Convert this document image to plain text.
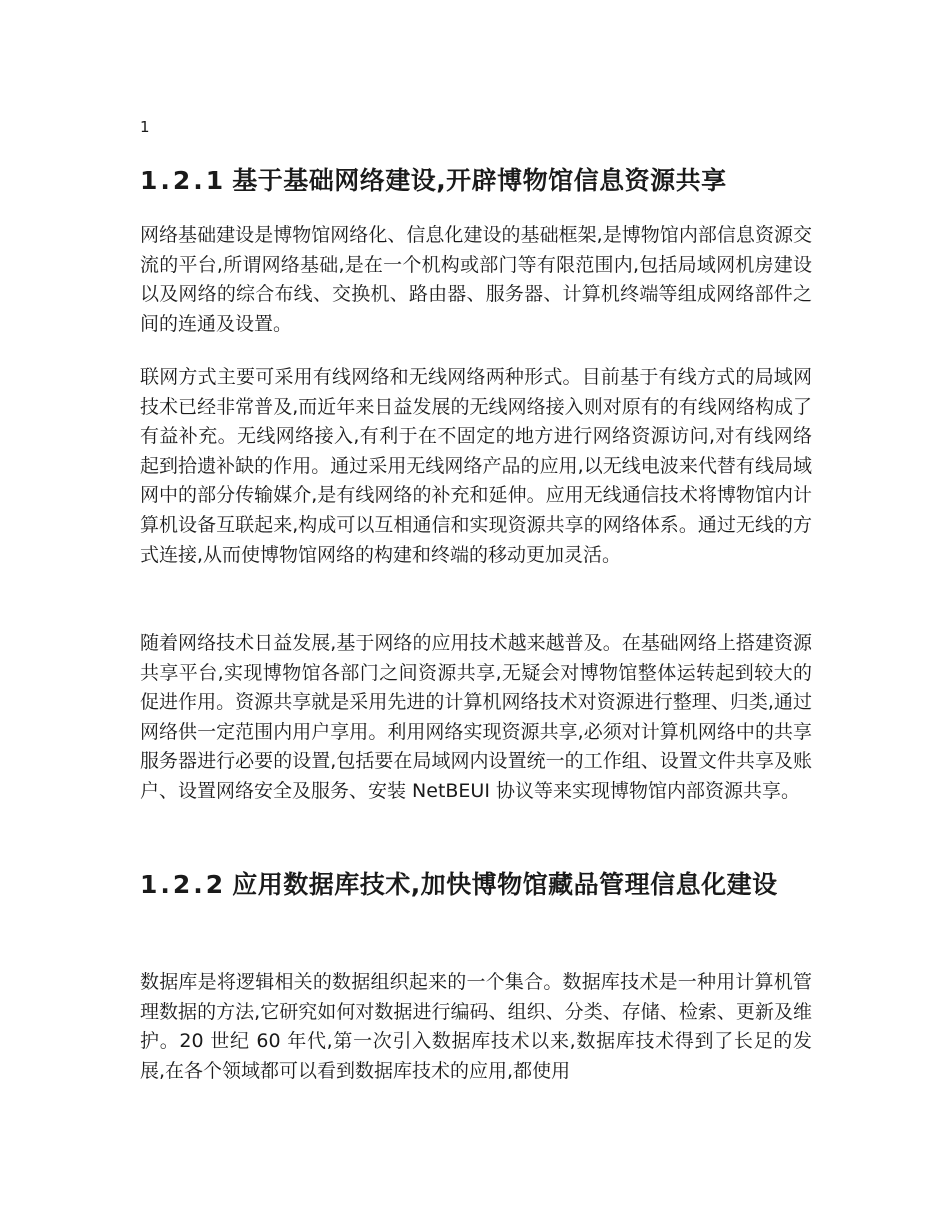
1
1.2.1 基于基础网络建设,开辟博物馆信息资源共享

网络基础建设是博物馆网络化、信息化建设的基础框架,是博物馆内部信息资源交流的平台,所谓网络基础,是在一个机构或部门等有限范围内,包括局域网机房建设以及网络的综合布线、交换机、路由器、服务器、计算机终端等组成网络部件之间的连通及设置。

联网方式主要可采用有线网络和无线网络两种形式。目前基于有线方式的局域网技术已经非常普及,而近年来日益发展的无线网络接入则对原有的有线网络构成了有益补充。无线网络接入,有利于在不固定的地方进行网络资源访问,对有线网络起到拾遗补缺的作用。通过采用无线网络产品的应用,以无线电波来代替有线局域网中的部分传输媒介,是有线网络的补充和延伸。应用无线通信技术将博物馆内计算机设备互联起来,构成可以互相通信和实现资源共享的网络体系。通过无线的方式连接,从而使博物馆网络的构建和终端的移动更加灵活。

随着网络技术日益发展,基于网络的应用技术越来越普及。在基础网络上搭建资源共享平台,实现博物馆各部门之间资源共享,无疑会对博物馆整体运转起到较大的促进作用。资源共享就是采用先进的计算机网络技术对资源进行整理、归类,通过网络供一定范围内用户享用。利用网络实现资源共享,必须对计算机网络中的共享服务器进行必要的设置,包括要在局域网内设置统一的工作组、设置文件共享及账户、设置网络安全及服务、安装 NetBEUI 协议等来实现博物馆内部资源共享。

1.2.2 应用数据库技术,加快博物馆藏品管理信息化建设

数据库是将逻辑相关的数据组织起来的一个集合。数据库技术是一种用计算机管理数据的方法,它研究如何对数据进行编码、组织、分类、存储、检索、更新及维护。20 世纪 60 年代,第一次引入数据库技术以来,数据库技术得到了长足的发展,在各个领域都可以看到数据库技术的应用,都使用
